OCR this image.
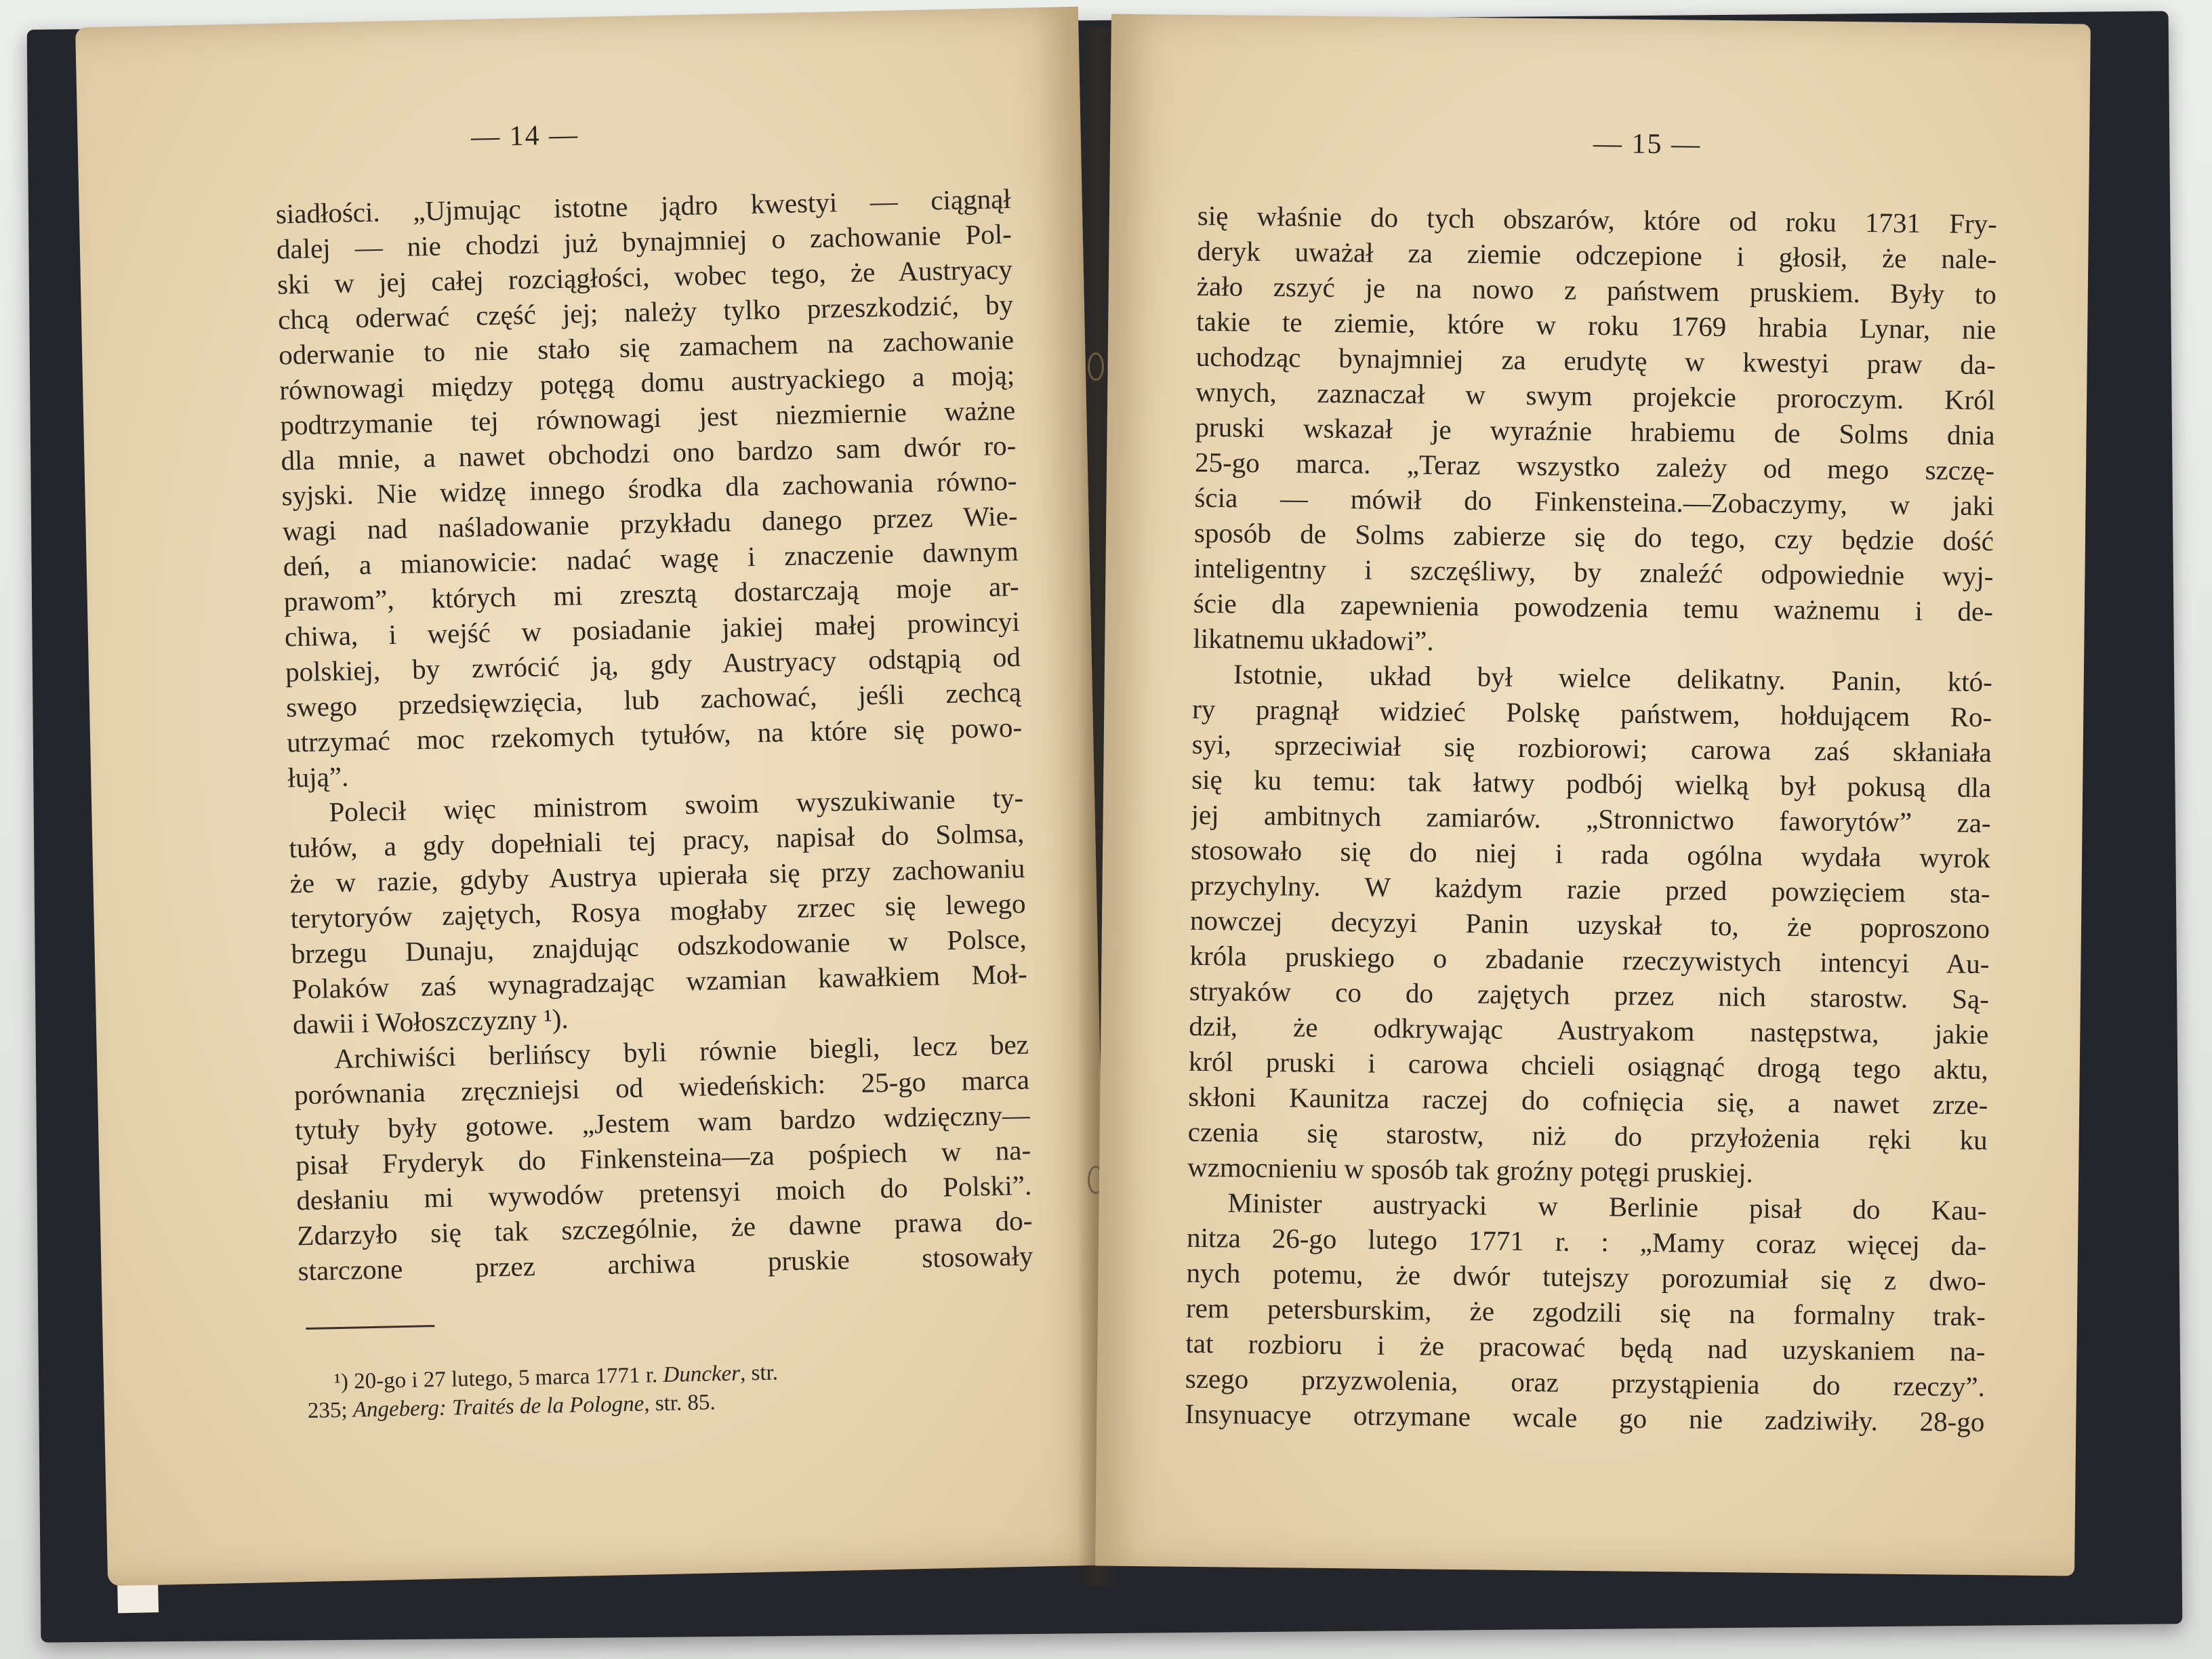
— 14 —
siadłości. „Ujmując istotne jądro kwestyi — ciągnął
dalej — nie chodzi już bynajmniej o zachowanie Pol-
ski w jej całej rozciągłości, wobec tego, że Austryacy
chcą oderwać część jej; należy tylko przeszkodzić, by
oderwanie to nie stało się zamachem na zachowanie
równowagi między potęgą domu austryackiego a moją;
podtrzymanie tej równowagi jest niezmiernie ważne
dla mnie, a nawet obchodzi ono bardzo sam dwór ro-
syjski. Nie widzę innego środka dla zachowania równo-
wagi nad naśladowanie przykładu danego przez Wie-
deń, a mianowicie: nadać wagę i znaczenie dawnym
prawom”, których mi zresztą dostarczają moje ar-
chiwa, i wejść w posiadanie jakiej małej prowincyi
polskiej, by zwrócić ją, gdy Austryacy odstąpią od
swego przedsięwzięcia, lub zachować, jeśli zechcą
utrzymać moc rzekomych tytułów, na które się powo-
łują”.
Polecił więc ministrom swoim wyszukiwanie ty-
tułów, a gdy dopełniali tej pracy, napisał do Solmsa,
że w razie, gdyby Austrya upierała się przy zachowaniu
terytoryów zajętych, Rosya mogłaby zrzec się lewego
brzegu Dunaju, znajdując odszkodowanie w Polsce,
Polaków zaś wynagradzając wzamian kawałkiem Moł-
dawii i Wołoszczyzny ¹).
Archiwiści berlińscy byli równie biegli, lecz bez
porównania zręczniejsi od wiedeńskich: 25-go marca
tytuły były gotowe. „Jestem wam bardzo wdzięczny—
pisał Fryderyk do Finkensteina—za pośpiech w na-
desłaniu mi wywodów pretensyi moich do Polski”.
Zdarzyło się tak szczególnie, że dawne prawa do-
starczone przez archiwa pruskie stosowały
¹) 20-go i 27 lutego, 5 marca 1771 r. Duncker, str.
235; Angeberg: Traités de la Pologne, str. 85.
— 15 —
się właśnie do tych obszarów, które od roku 1731 Fry-
deryk uważał za ziemie odczepione i głosił, że nale-
żało zszyć je na nowo z państwem pruskiem. Były to
takie te ziemie, które w roku 1769 hrabia Lynar, nie
uchodząc bynajmniej za erudytę w kwestyi praw da-
wnych, zaznaczał w swym projekcie proroczym. Król
pruski wskazał je wyraźnie hrabiemu de Solms dnia
25-go marca. „Teraz wszystko zależy od mego szczę-
ścia — mówił do Finkensteina.—Zobaczymy, w jaki
sposób de Solms zabierze się do tego, czy będzie dość
inteligentny i szczęśliwy, by znaleźć odpowiednie wyj-
ście dla zapewnienia powodzenia temu ważnemu i de-
likatnemu układowi”.
Istotnie, układ był wielce delikatny. Panin, któ-
ry pragnął widzieć Polskę państwem, hołdującem Ro-
syi, sprzeciwiał się rozbiorowi; carowa zaś skłaniała
się ku temu: tak łatwy podbój wielką był pokusą dla
jej ambitnych zamiarów. „Stronnictwo faworytów” za-
stosowało się do niej i rada ogólna wydała wyrok
przychylny. W każdym razie przed powzięciem sta-
nowczej decyzyi Panin uzyskał to, że poproszono
króla pruskiego o zbadanie rzeczywistych intencyi Au-
stryaków co do zajętych przez nich starostw. Są-
dził, że odkrywając Austryakom następstwa, jakie
król pruski i carowa chcieli osiągnąć drogą tego aktu,
skłoni Kaunitza raczej do cofnięcia się, a nawet zrze-
czenia się starostw, niż do przyłożenia ręki ku
wzmocnieniu w sposób tak groźny potęgi pruskiej.
Minister austryacki w Berlinie pisał do Kau-
nitza 26-go lutego 1771 r. : „Mamy coraz więcej da-
nych potemu, że dwór tutejszy porozumiał się z dwo-
rem petersburskim, że zgodzili się na formalny trak-
tat rozbioru i że pracować będą nad uzyskaniem na-
szego przyzwolenia, oraz przystąpienia do rzeczy”.
Insynuacye otrzymane wcale go nie zadziwiły. 28-go
